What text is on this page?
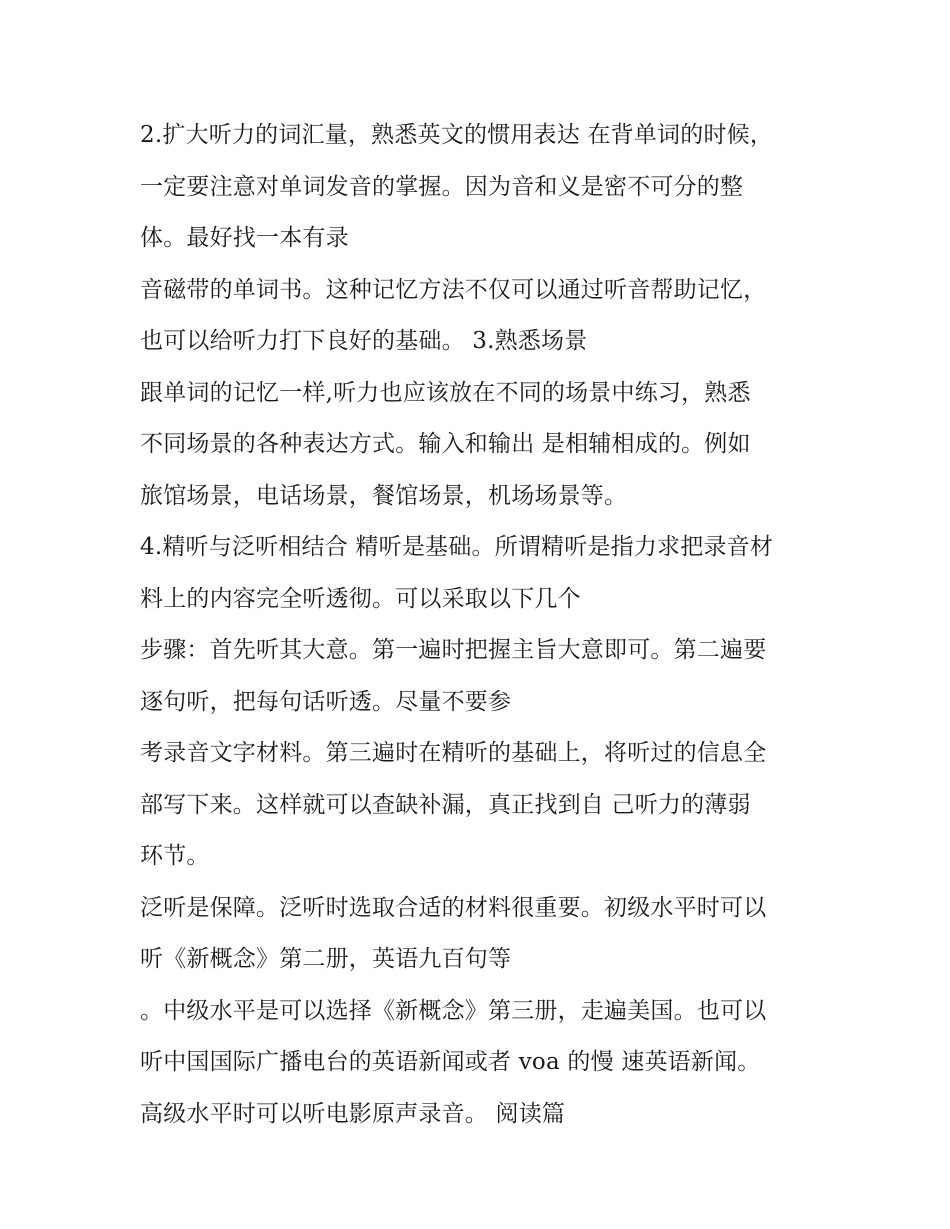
2.扩大听力的词汇量，熟悉英文的惯用表达 在背单词的时候，
一定要注意对单词发音的掌握。因为音和义是密不可分的整
体。最好找一本有录
音磁带的单词书。这种记忆方法不仅可以通过听音帮助记忆，
也可以给听力打下良好的基础。 3.熟悉场景
跟单词的记忆一样,听力也应该放在不同的场景中练习，熟悉
不同场景的各种表达方式。输入和输出 是相辅相成的。例如
旅馆场景，电话场景，餐馆场景，机场场景等。
4.精听与泛听相结合 精听是基础。所谓精听是指力求把录音材
料上的内容完全听透彻。可以采取以下几个
步骤：首先听其大意。第一遍时把握主旨大意即可。第二遍要
逐句听，把每句话听透。尽量不要参
考录音文字材料。第三遍时在精听的基础上，将听过的信息全
部写下来。这样就可以查缺补漏，真正找到自 己听力的薄弱
环节。
泛听是保障。泛听时选取合适的材料很重要。初级水平时可以
听《新概念》第二册，英语九百句等
。中级水平是可以选择《新概念》第三册，走遍美国。也可以
听中国国际广播电台的英语新闻或者 voa 的慢 速英语新闻。
高级水平时可以听电影原声录音。 阅读篇
